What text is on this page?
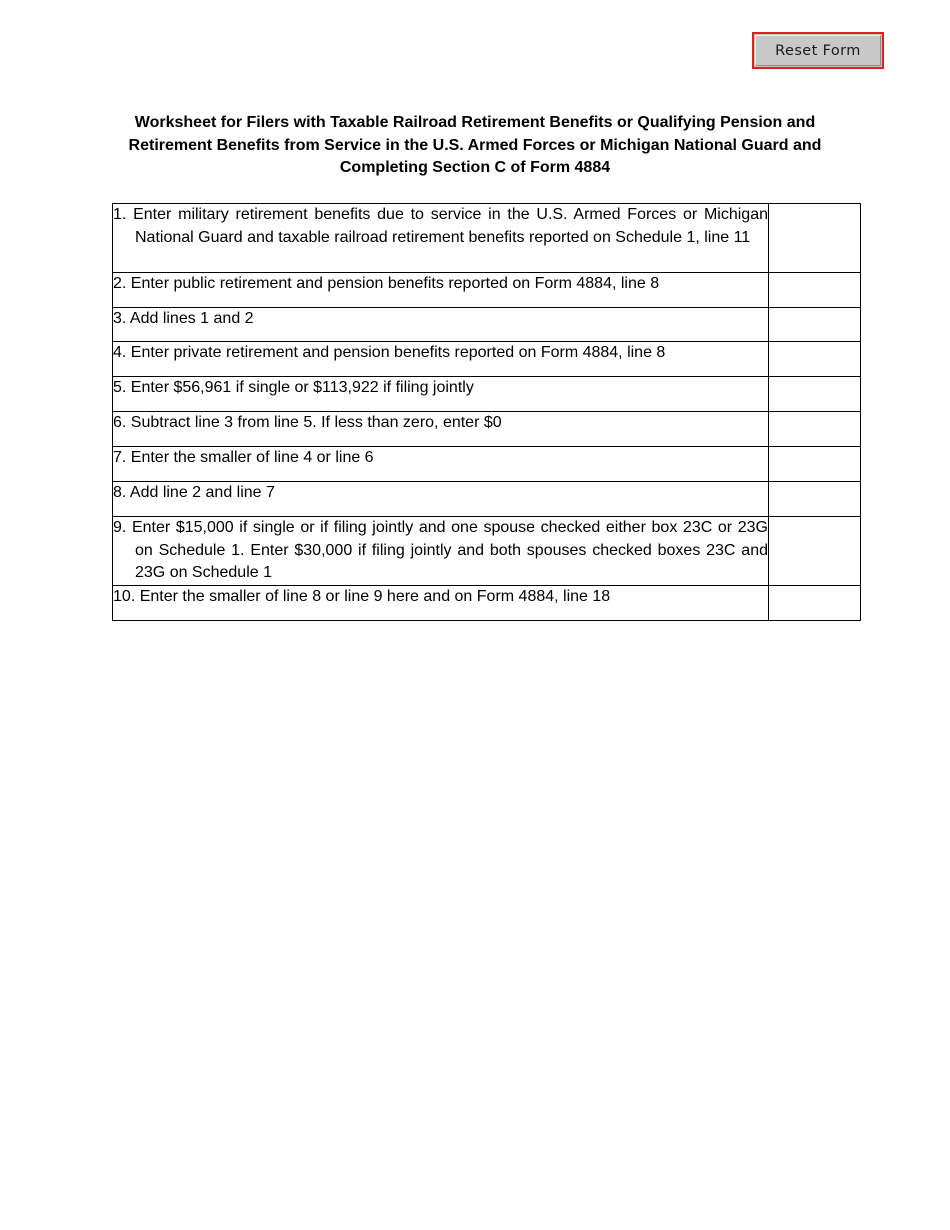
Reset Form
Worksheet for Filers with Taxable Railroad Retirement Benefits or Qualifying Pension and
Retirement Benefits from Service in the U.S. Armed Forces or Michigan National Guard and
Completing Section C of Form 4884
1. Enter military retirement benefits due to service in the U.S. Armed Forces or Michigan National Guard and taxable railroad retirement benefits reported on Schedule 1, line 11

2. Enter public retirement and pension benefits reported on Form 4884, line 8

3. Add lines 1 and 2

4. Enter private retirement and pension benefits reported on Form 4884, line 8

5. Enter $56,961 if single or $113,922 if filing jointly

6. Subtract line 3 from line 5. If less than zero, enter $0

7. Enter the smaller of line 4 or line 6

8. Add line 2 and line 7

9. Enter $15,000 if single or if filing jointly and one spouse checked either box 23C or 23G on Schedule 1. Enter $30,000 if filing jointly and both spouses checked boxes 23C and 23G on Schedule 1

10. Enter the smaller of line 8 or line 9 here and on Form 4884, line 18
